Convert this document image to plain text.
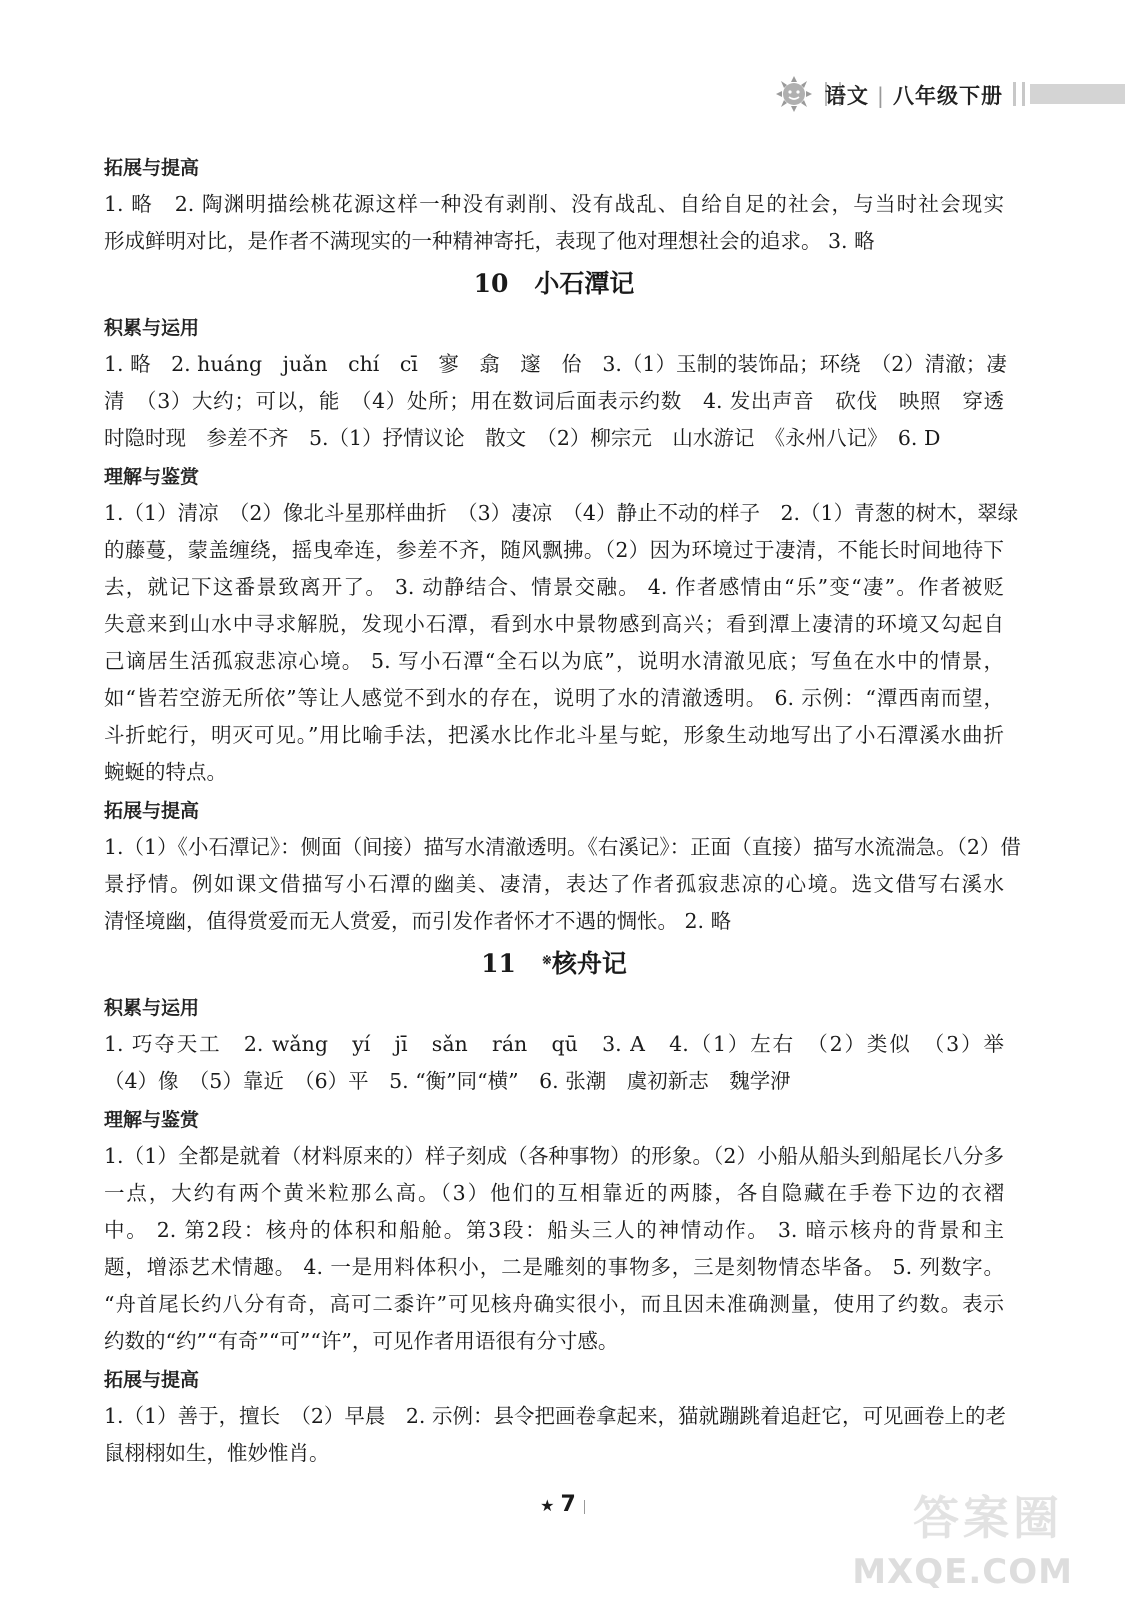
语文 | 八年级下册
拓展与提高
1. 略　2. 陶渊明描绘桃花源这样一种没有剥削、没有战乱、自给自足的社会，与当时社会现实
形成鲜明对比，是作者不满现实的一种精神寄托，表现了他对理想社会的追求。 3. 略
10 小石潭记
积累与运用
1. 略　2. huáng　juǎn　chí　cī　寥　翕　邃　佁　3.（1）玉制的装饰品；环绕　（2）清澈；凄
清　（3）大约；可以，能　（4）处所；用在数词后面表示约数　4. 发出声音　砍伐　映照　穿透
时隐时现　参差不齐　5.（1）抒情议论　散文　（2）柳宗元　山水游记　《永州八记》　6. D
理解与鉴赏
1.（1）清凉　（2）像北斗星那样曲折　（3）凄凉　（4）静止不动的样子　2.（1）青葱的树木，翠绿
的藤蔓，蒙盖缠绕，摇曳牵连，参差不齐，随风飘拂。（2）因为环境过于凄清，不能长时间地待下
去，就记下这番景致离开了。 3. 动静结合、情景交融。 4. 作者感情由“乐”变“凄”。作者被贬
失意来到山水中寻求解脱，发现小石潭，看到水中景物感到高兴；看到潭上凄清的环境又勾起自
己谪居生活孤寂悲凉心境。 5. 写小石潭“全石以为底”，说明水清澈见底；写鱼在水中的情景，
如“皆若空游无所依”等让人感觉不到水的存在，说明了水的清澈透明。 6. 示例：“潭西南而望，
斗折蛇行，明灭可见。”用比喻手法，把溪水比作北斗星与蛇，形象生动地写出了小石潭溪水曲折
蜿蜒的特点。
拓展与提高
1.（1）《小石潭记》：侧面（间接）描写水清澈透明。《右溪记》：正面（直接）描写水流湍急。（2）借
景抒情。例如课文借描写小石潭的幽美、凄清，表达了作者孤寂悲凉的心境。选文借写右溪水
清怪境幽，值得赏爱而无人赏爱，而引发作者怀才不遇的惆怅。 2. 略
11 ※核舟记
积累与运用
1. 巧夺天工　2. wǎng　yí　jī　sǎn　rán　qū　3. A　4.（1）左右　（2）类似　（3）举
（4）像　（5）靠近　（6）平　5. “衡”同“横”　6. 张潮　虞初新志　魏学洢
理解与鉴赏
1.（1）全都是就着（材料原来的）样子刻成（各种事物）的形象。（2）小船从船头到船尾长八分多
一点，大约有两个黄米粒那么高。（3）他们的互相靠近的两膝，各自隐藏在手卷下边的衣褶
中。 2. 第2段：核舟的体积和船舱。第3段：船头三人的神情动作。 3. 暗示核舟的背景和主
题，增添艺术情趣。 4. 一是用料体积小，二是雕刻的事物多，三是刻物情态毕备。 5. 列数字。
“舟首尾长约八分有奇，高可二黍许”可见核舟确实很小，而且因未准确测量，使用了约数。表示
约数的“约”“有奇”“可”“许”，可见作者用语很有分寸感。
拓展与提高
1.（1）善于，擅长　（2）早晨　2. 示例：县令把画卷拿起来，猫就蹦跳着追赶它，可见画卷上的老
鼠栩栩如生，惟妙惟肖。
★ 7	答案圈
MXQE.COM
